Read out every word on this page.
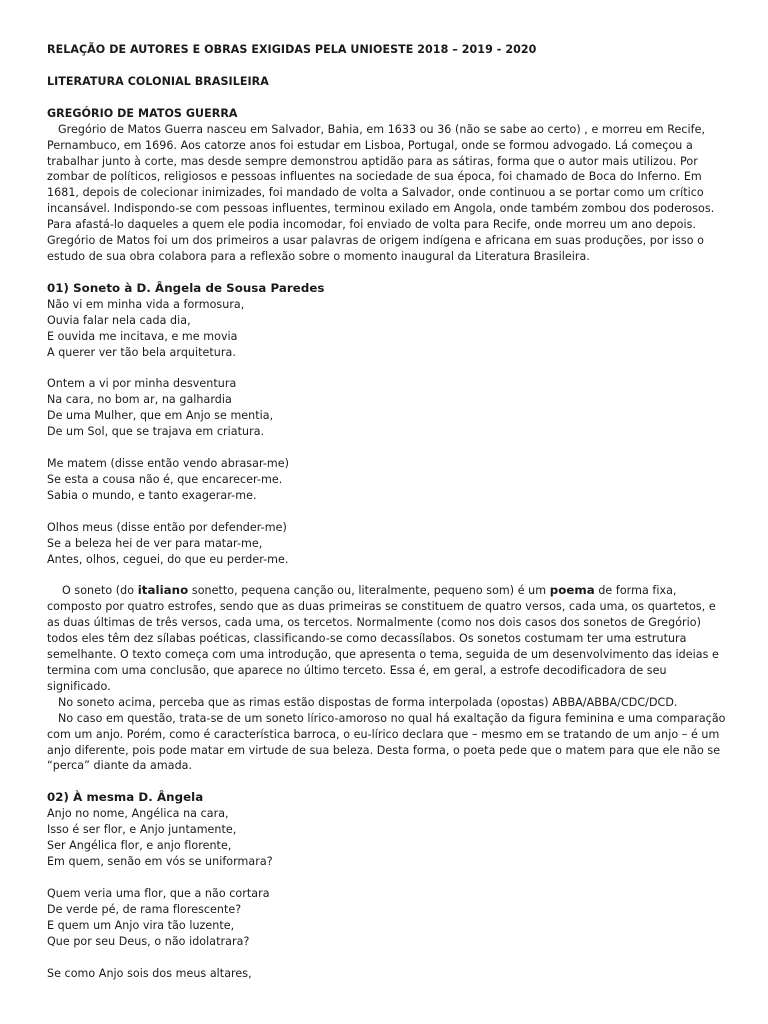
RELAÇÃO DE AUTORES E OBRAS EXIGIDAS PELA UNIOESTE 2018 – 2019 - 2020

LITERATURA COLONIAL BRASILEIRA

GREGÓRIO DE MATOS GUERRA

Gregório de Matos Guerra nasceu em Salvador, Bahia, em 1633 ou 36 (não se sabe ao certo) , e morreu em Recife, Pernambuco, em 1696. Aos catorze anos foi estudar em Lisboa, Portugal, onde se formou advogado. Lá começou a trabalhar junto à corte, mas desde sempre demonstrou aptidão para as sátiras, forma que o autor mais utilizou. Por zombar de políticos, religiosos e pessoas influentes na sociedade de sua época, foi chamado de Boca do Inferno. Em 1681, depois de colecionar inimizades, foi mandado de volta a Salvador, onde continuou a se portar como um crítico incansável. Indispondo-se com pessoas influentes, terminou exilado em Angola, onde também zombou dos poderosos. Para afastá-lo daqueles a quem ele podia incomodar, foi enviado de volta para Recife, onde morreu um ano depois. Gregório de Matos foi um dos primeiros a usar palavras de origem indígena e africana em suas produções, por isso o estudo de sua obra colabora para a reflexão sobre o momento inaugural da Literatura Brasileira.

01) Soneto à D. Ângela de Sousa Paredes

Não vi em minha vida a formosura,
Ouvia falar nela cada dia,
E ouvida me incitava, e me movia
A querer ver tão bela arquitetura.
Ontem a vi por minha desventura
Na cara, no bom ar, na galhardia
De uma Mulher, que em Anjo se mentia,
De um Sol, que se trajava em criatura.
Me matem (disse então vendo abrasar-me)
Se esta a cousa não é, que encarecer-me.
Sabia o mundo, e tanto exagerar-me.
Olhos meus (disse então por defender-me)
Se a beleza hei de ver para matar-me,
Antes, olhos, ceguei, do que eu perder-me.

O soneto (do italiano sonetto, pequena canção ou, literalmente, pequeno som) é um poema de forma fixa, composto por quatro estrofes, sendo que as duas primeiras se constituem de quatro versos, cada uma, os quartetos, e as duas últimas de três versos, cada uma, os tercetos. Normalmente (como nos dois casos dos sonetos de Gregório) todos eles têm dez sílabas poéticas, classificando-se como decassílabos. Os sonetos costumam ter uma estrutura semelhante. O texto começa com uma introdução, que apresenta o tema, seguida de um desenvolvimento das ideias e termina com uma conclusão, que aparece no último terceto. Essa é, em geral, a estrofe decodificadora de seu significado.

No soneto acima, perceba que as rimas estão dispostas de forma interpolada (opostas) ABBA/ABBA/CDC/DCD.

No caso em questão, trata-se de um soneto lírico-amoroso no qual há exaltação da figura feminina e uma comparação com um anjo. Porém, como é característica barroca, o eu-lírico declara que – mesmo em se tratando de um anjo – é um anjo diferente, pois pode matar em virtude de sua beleza. Desta forma, o poeta pede que o matem para que ele não se “perca” diante da amada.

02) À mesma D. Ângela

Anjo no nome, Angélica na cara,
Isso é ser flor, e Anjo juntamente,
Ser Angélica flor, e anjo florente,
Em quem, senão em vós se uniformara?
Quem veria uma flor, que a não cortara
De verde pé, de rama florescente?
E quem um Anjo vira tão luzente,
Que por seu Deus, o não idolatrara?
Se como Anjo sois dos meus altares,
